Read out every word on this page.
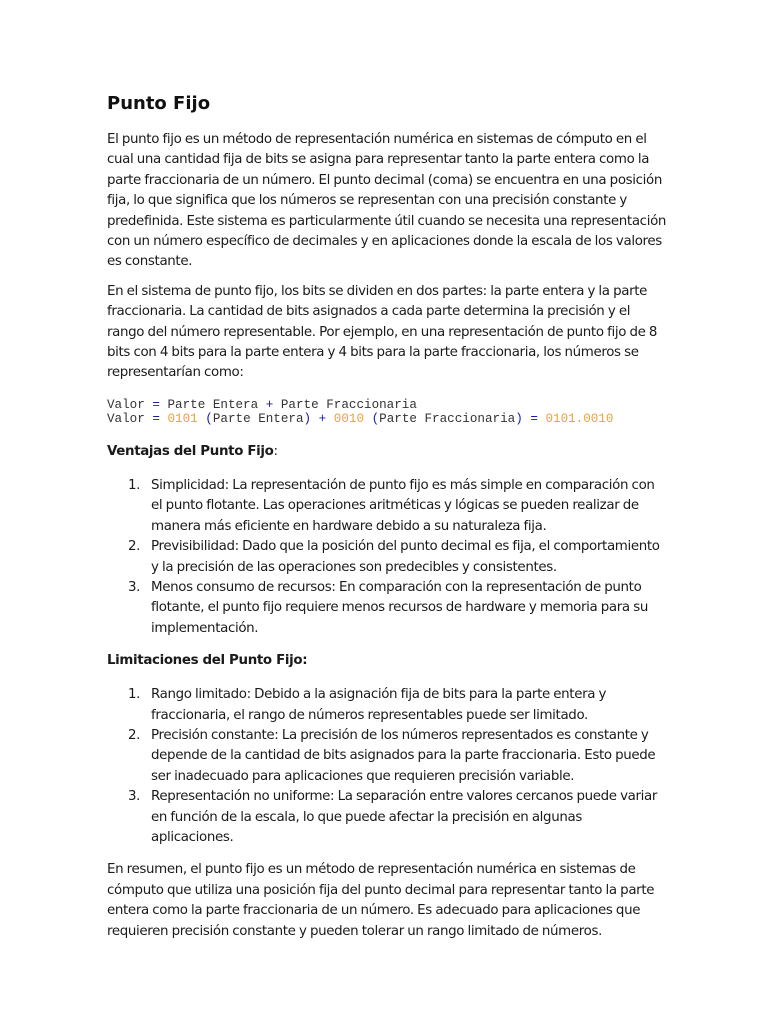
Punto Fijo

El punto fijo es un método de representación numérica en sistemas de cómputo en el cual una cantidad fija de bits se asigna para representar tanto la parte entera como la parte fraccionaria de un número. El punto decimal (coma) se encuentra en una posición fija, lo que significa que los números se representan con una precisión constante y predefinida. Este sistema es particularmente útil cuando se necesita una representación con un número específico de decimales y en aplicaciones donde la escala de los valores es constante.

En el sistema de punto fijo, los bits se dividen en dos partes: la parte entera y la parte fraccionaria. La cantidad de bits asignados a cada parte determina la precisión y el rango del número representable. Por ejemplo, en una representación de punto fijo de 8 bits con 4 bits para la parte entera y 4 bits para la parte fraccionaria, los números se representarían como:

Valor = Parte Entera + Parte Fraccionaria
Valor = 0101 (Parte Entera) + 0010 (Parte Fraccionaria) = 0101.0010
Ventajas del Punto Fijo:
1. Simplicidad: La representación de punto fijo es más simple en comparación con el punto flotante. Las operaciones aritméticas y lógicas se pueden realizar de manera más eficiente en hardware debido a su naturaleza fija.
2. Previsibilidad: Dado que la posición del punto decimal es fija, el comportamiento y la precisión de las operaciones son predecibles y consistentes.
3. Menos consumo de recursos: En comparación con la representación de punto flotante, el punto fijo requiere menos recursos de hardware y memoria para su implementación.
Limitaciones del Punto Fijo:
1. Rango limitado: Debido a la asignación fija de bits para la parte entera y fraccionaria, el rango de números representables puede ser limitado.
2. Precisión constante: La precisión de los números representados es constante y depende de la cantidad de bits asignados para la parte fraccionaria. Esto puede ser inadecuado para aplicaciones que requieren precisión variable.
3. Representación no uniforme: La separación entre valores cercanos puede variar en función de la escala, lo que puede afectar la precisión en algunas aplicaciones.

En resumen, el punto fijo es un método de representación numérica en sistemas de cómputo que utiliza una posición fija del punto decimal para representar tanto la parte entera como la parte fraccionaria de un número. Es adecuado para aplicaciones que requieren precisión constante y pueden tolerar un rango limitado de números.
